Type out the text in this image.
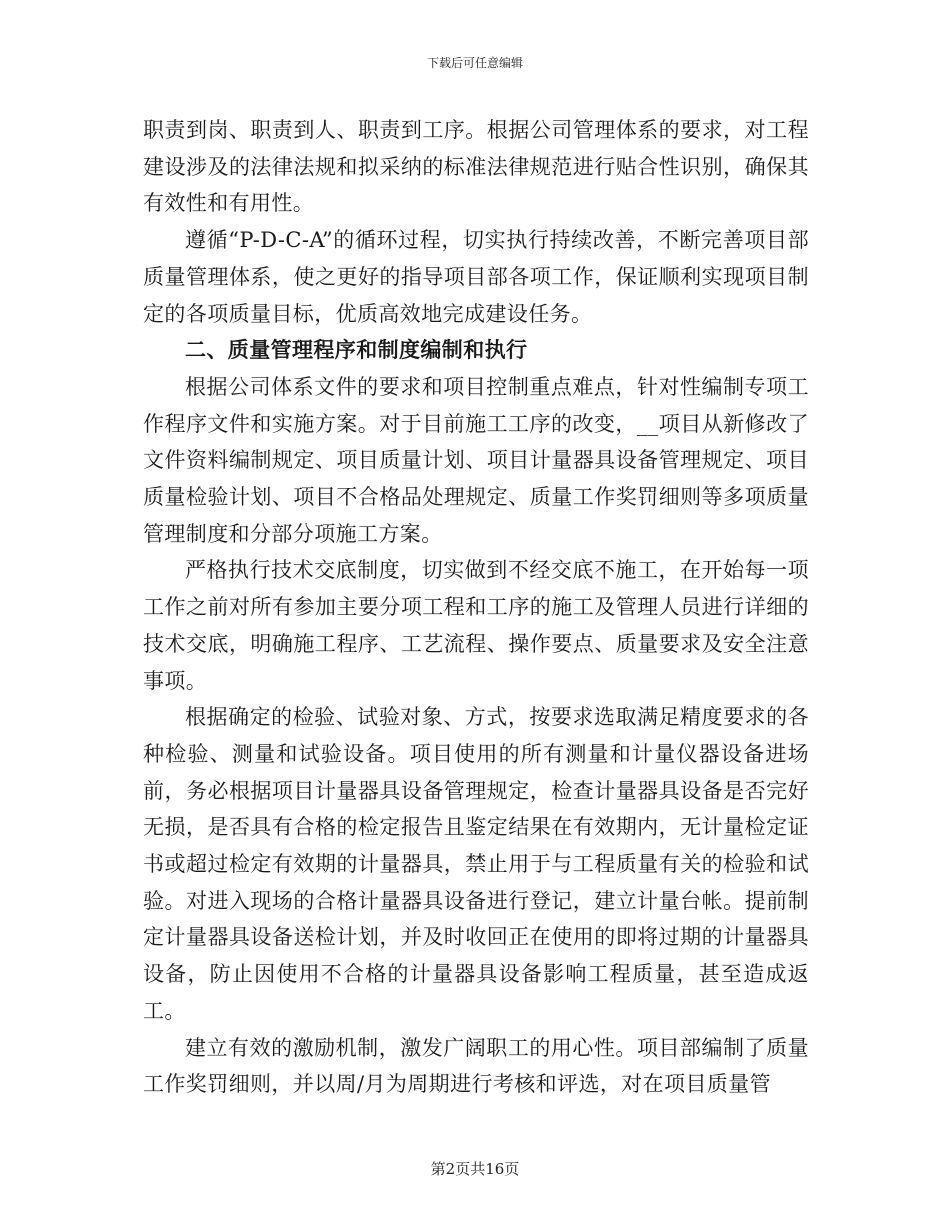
下载后可任意编辑

职责到岗、职责到人、职责到工序。根据公司管理体系的要求，对工程建设涉及的法律法规和拟采纳的标准法律规范进行贴合性识别，确保其有效性和有用性。

遵循“P-D-C-A”的循环过程，切实执行持续改善，不断完善项目部质量管理体系，使之更好的指导项目部各项工作，保证顺利实现项目制定的各项质量目标，优质高效地完成建设任务。

二、质量管理程序和制度编制和执行

根据公司体系文件的要求和项目控制重点难点，针对性编制专项工作程序文件和实施方案。对于目前施工工序的改变，__项目从新修改了文件资料编制规定、项目质量计划、项目计量器具设备管理规定、项目质量检验计划、项目不合格品处理规定、质量工作奖罚细则等多项质量管理制度和分部分项施工方案。

严格执行技术交底制度，切实做到不经交底不施工，在开始每一项工作之前对所有参加主要分项工程和工序的施工及管理人员进行详细的技术交底，明确施工程序、工艺流程、操作要点、质量要求及安全注意事项。

根据确定的检验、试验对象、方式，按要求选取满足精度要求的各种检验、测量和试验设备。项目使用的所有测量和计量仪器设备进场前，务必根据项目计量器具设备管理规定，检查计量器具设备是否完好无损，是否具有合格的检定报告且鉴定结果在有效期内，无计量检定证书或超过检定有效期的计量器具，禁止用于与工程质量有关的检验和试验。对进入现场的合格计量器具设备进行登记，建立计量台帐。提前制定计量器具设备送检计划，并及时收回正在使用的即将过期的计量器具设备，防止因使用不合格的计量器具设备影响工程质量，甚至造成返工。

建立有效的激励机制，激发广阔职工的用心性。项目部编制了质量工作奖罚细则，并以周/月为周期进行考核和评选，对在项目质量管

第2页共16页
